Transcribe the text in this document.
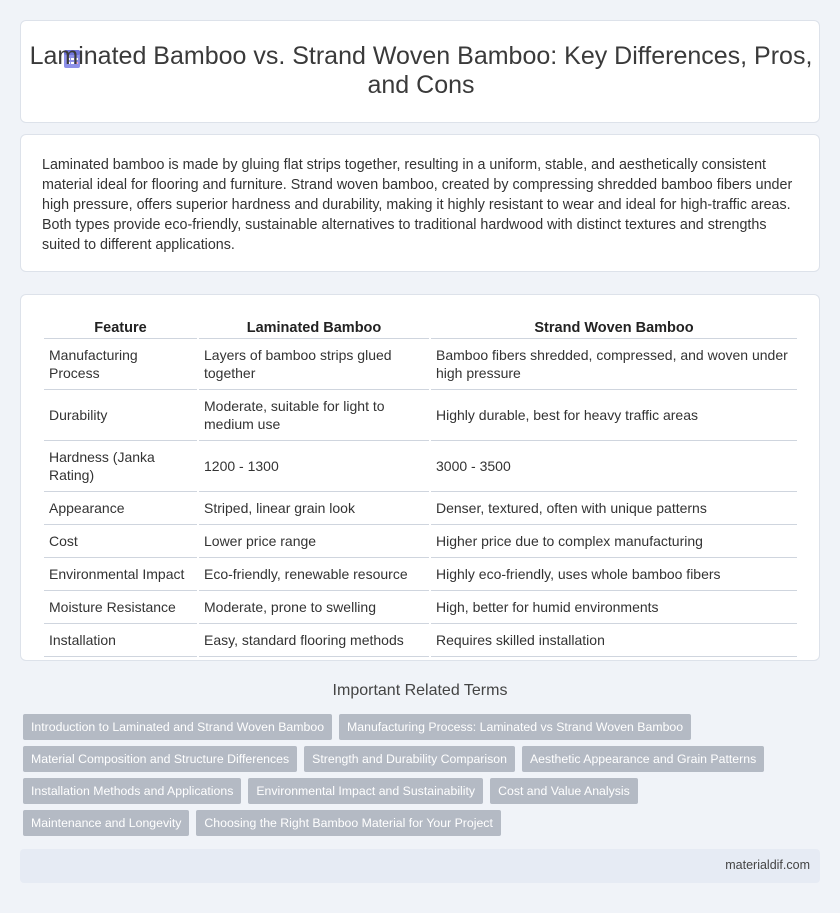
Laminated Bamboo vs. Strand Woven Bamboo: Key Differences, Pros, and Cons

Laminated bamboo is made by gluing flat strips together, resulting in a uniform, stable, and aesthetically consistent material ideal for flooring and furniture. Strand woven bamboo, created by compressing shredded bamboo fibers under high pressure, offers superior hardness and durability, making it highly resistant to wear and ideal for high-traffic areas. Both types provide eco-friendly, sustainable alternatives to traditional hardwood with distinct textures and strengths suited to different applications.

Feature	Laminated Bamboo	Strand Woven Bamboo
Manufacturing Process	Layers of bamboo strips glued together	Bamboo fibers shredded, compressed, and woven under high pressure
Durability	Moderate, suitable for light to medium use	Highly durable, best for heavy traffic areas
Hardness (Janka Rating)	1200 - 1300	3000 - 3500
Appearance	Striped, linear grain look	Denser, textured, often with unique patterns
Cost	Lower price range	Higher price due to complex manufacturing
Environmental Impact	Eco-friendly, renewable resource	Highly eco-friendly, uses whole bamboo fibers
Moisture Resistance	Moderate, prone to swelling	High, better for humid environments
Installation	Easy, standard flooring methods	Requires skilled installation
Important Related Terms
Introduction to Laminated and Strand Woven Bamboo	Manufacturing Process: Laminated vs Strand Woven Bamboo
Material Composition and Structure Differences	Strength and Durability Comparison	Aesthetic Appearance and Grain Patterns
Installation Methods and Applications	Environmental Impact and Sustainability	Cost and Value Analysis
Maintenance and Longevity	Choosing the Right Bamboo Material for Your Project
materialdif.com
